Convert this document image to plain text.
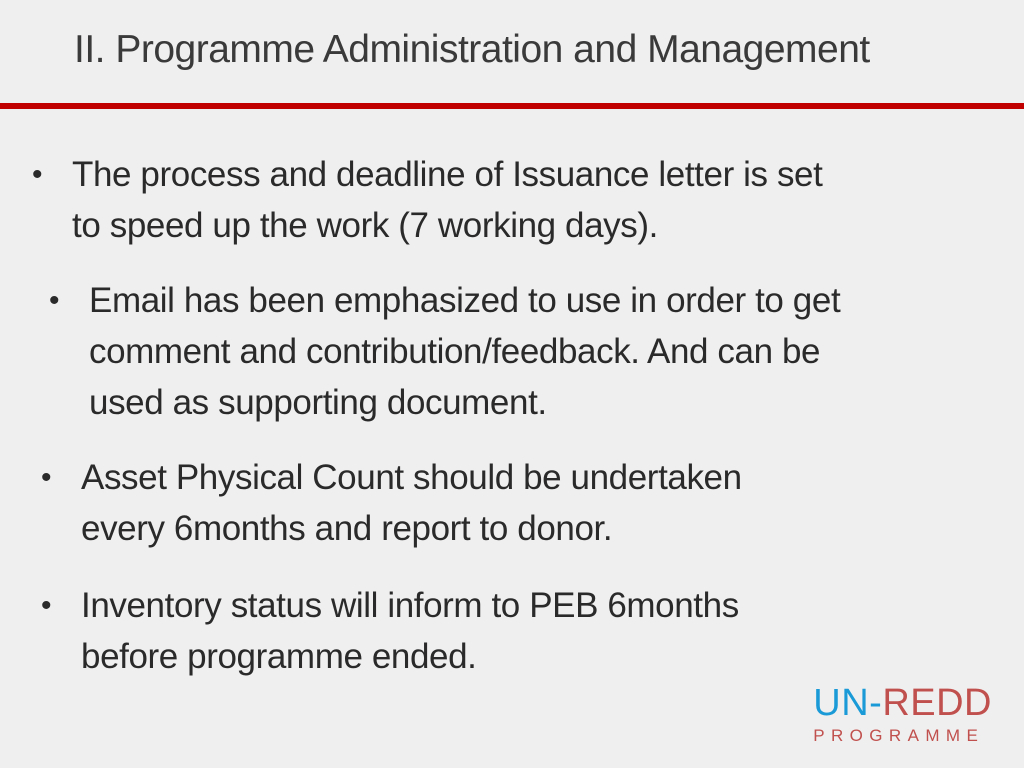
II. Programme Administration and Management
• The process and deadline of Issuance letter is set
to speed up the work (7 working days).
• Email has been emphasized to use in order to get
comment and contribution/feedback. And can be
used as supporting document.
• Asset Physical Count should be undertaken
every 6months and report to donor.
• Inventory status will inform to PEB 6months
before programme ended.
UN-REDD
PROGRAMME
